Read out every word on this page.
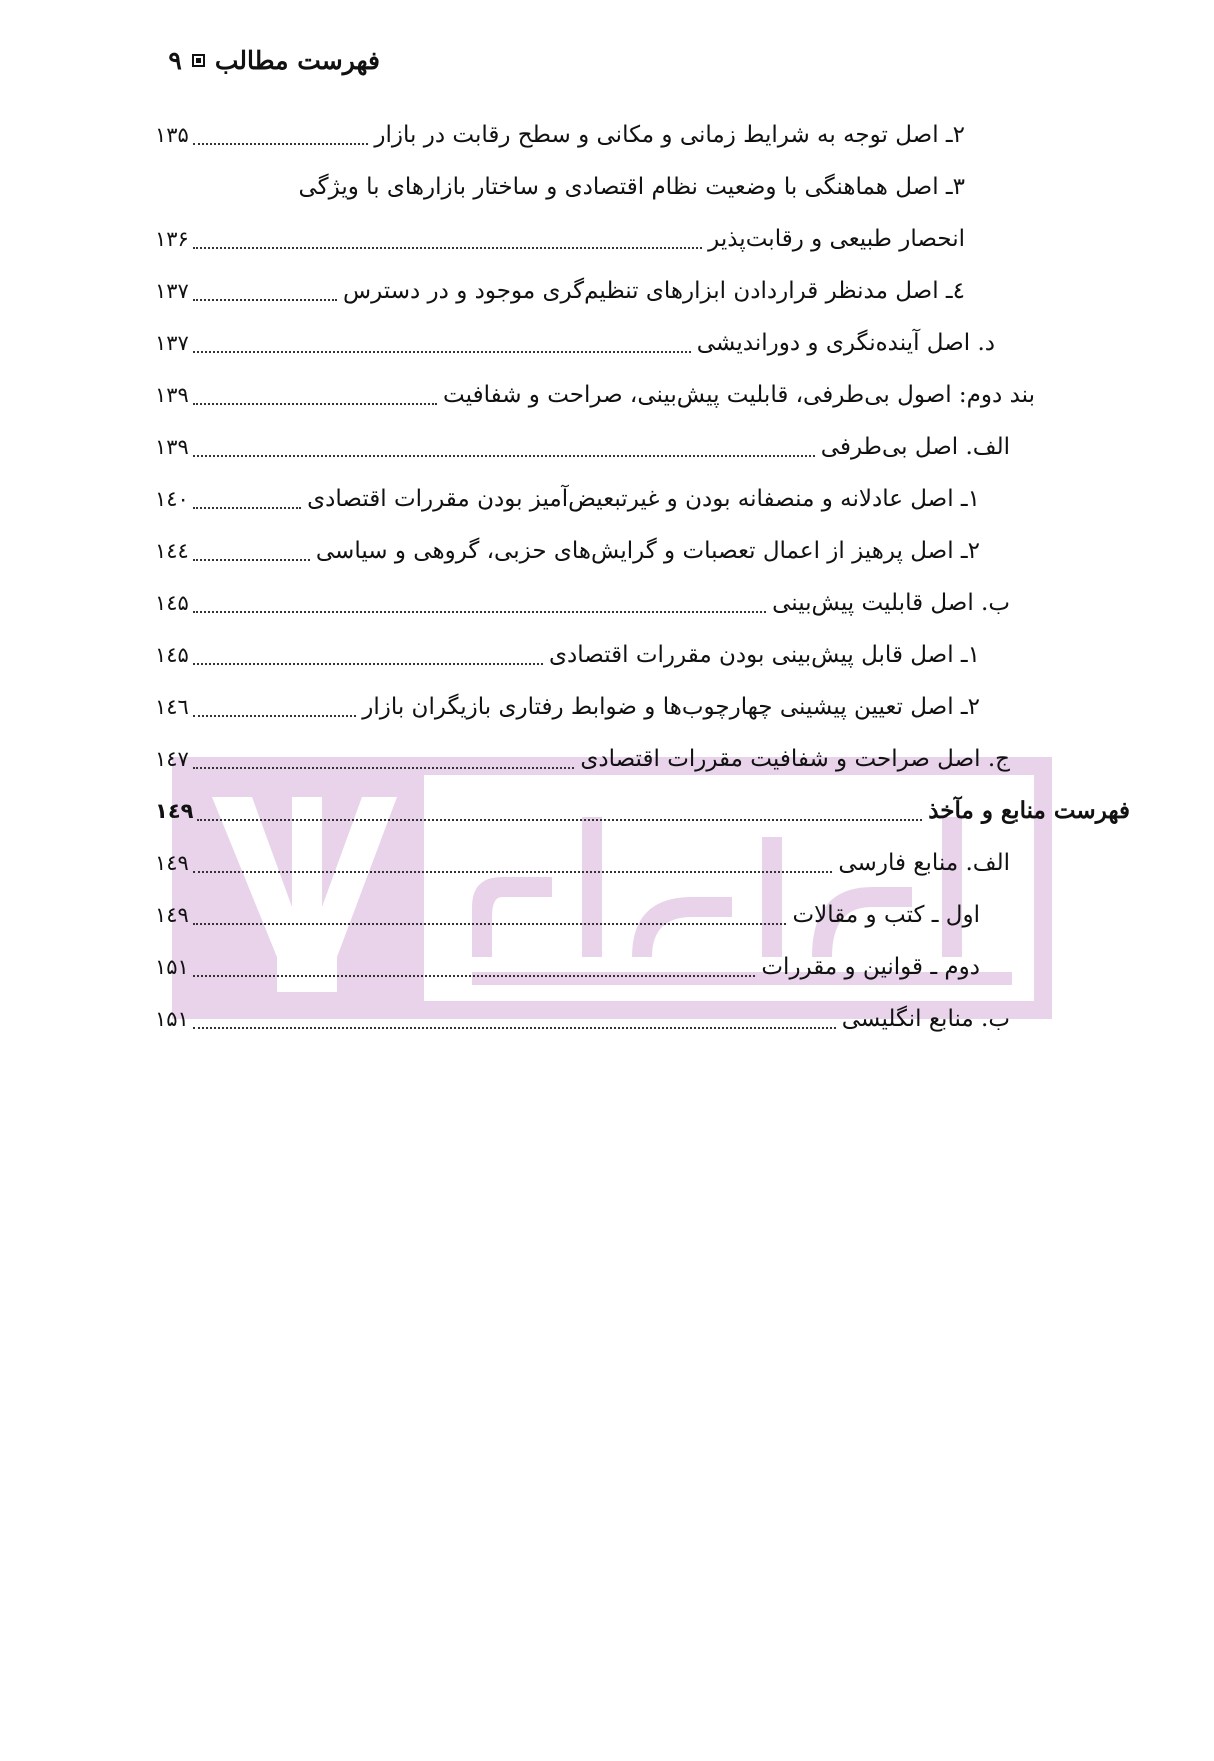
فهرست مطالب
۹
۲ـ اصل توجه به شرایط زمانی و مکانی و سطح رقابت در بازار
۱۳۵
۳ـ اصل هماهنگی با وضعیت نظام اقتصادی و ساختار بازارهای با ویژگی
انحصار طبیعی و رقابت‌پذیر
۱۳۶
٤ـ اصل مدنظر قراردادن ابزارهای تنظیم‌گری موجود و در دسترس
۱۳۷
د. اصل آینده‌نگری و دوراندیشی
۱۳۷
بند دوم: اصول بی‌طرفی، قابلیت پیش‌بینی، صراحت و شفافیت
۱۳۹
الف. اصل بی‌طرفی
۱۳۹
۱ـ اصل عادلانه و منصفانه بودن و غیرتبعیض‌آمیز بودن مقررات اقتصادی
۱٤۰
۲ـ اصل پرهیز از اعمال تعصبات و گرایش‌های حزبی، گروهی و سیاسی
۱٤٤
ب. اصل قابلیت پیش‌بینی
۱٤۵
۱ـ اصل قابل پیش‌بینی بودن مقررات اقتصادی
۱٤۵
۲ـ اصل تعیین پیشینی چهارچوب‌ها و ضوابط رفتاری بازیگران بازار
۱٤٦
ج. اصل صراحت و شفافیت مقررات اقتصادی
۱٤۷
فهرست منابع و مآخذ
۱٤۹
الف. منابع فارسی
۱٤۹
اول ـ کتب و مقالات
۱٤۹
دوم ـ قوانین و مقررات
۱۵۱
ب. منابع انگلیسی
۱۵۱
